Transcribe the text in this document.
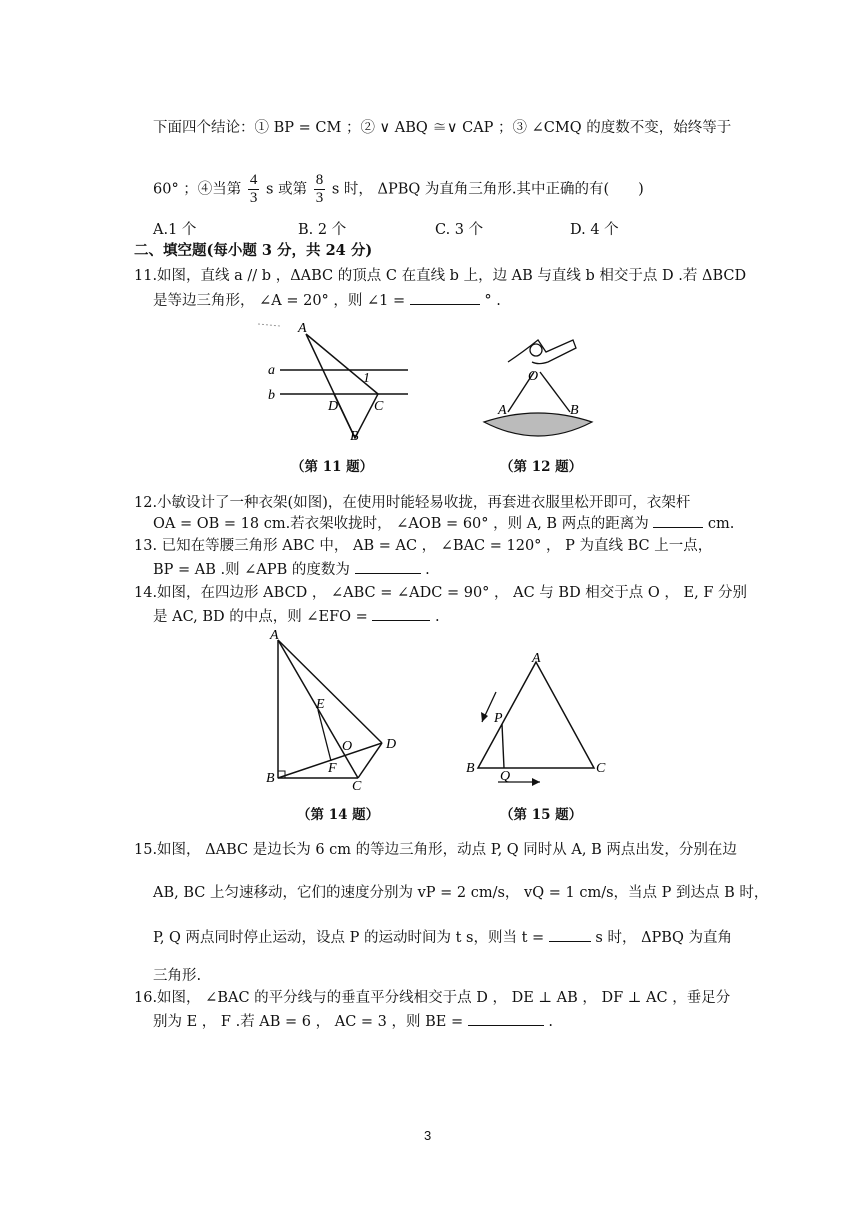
下面四个结论：① BP = CM ；② ∨ ABQ ≅∨ CAP ；③ ∠CMQ 的度数不变，始终等于
60° ；④当第 $\frac{4}{3}$ s 或第 $\frac{8}{3}$ s 时， ΔPBQ 为直角三角形.其中正确的有(　　)
A.1 个	B. 2 个	C. 3 个	D. 4 个
二、填空题(每小题 3 分，共 24 分)
11.如图，直线 a // b ，ΔABC 的顶点 C 在直线 b 上，边 AB 与直线 b 相交于点 D .若 ΔBCD
是等边三角形， ∠A = 20° ，则 ∠1 =	° .
A
a
b
1
D	C
B
（第 11 题）
O
A	B
（第 12 题）
12.小敏设计了一种衣架(如图)，在使用时能轻易收拢，再套进衣服里松开即可，衣架杆
OA = OB = 18 cm.若衣架收拢时， ∠AOB = 60° ，则 A, B 两点的距离为	cm.
13. 已知在等腰三角形 ABC 中， AB = AC ， ∠BAC = 120° ， P 为直线 BC 上一点，
BP = AB .则 ∠APB 的度数为	.
14.如图，在四边形 ABCD ， ∠ABC = ∠ADC = 90° ， AC 与 BD 相交于点 O ， E, F 分别
是 AC, BD 的中点，则 ∠EFO =	.
A
E
O D
F
B
C
（第 14 题）
A
P
B
Q
C
（第 15 题）
15.如图， ΔABC 是边长为 6 cm 的等边三角形，动点 P, Q 同时从 A, B 两点出发，分别在边
AB, BC 上匀速移动，它们的速度分别为 vP = 2 cm/s， vQ = 1 cm/s，当点 P 到达点 B 时，
P, Q 两点同时停止运动，设点 P 的运动时间为 t s，则当 t =	s 时， ΔPBQ 为直角
三角形.
16.如图， ∠BAC 的平分线与的垂直平分线相交于点 D ， DE ⊥ AB ， DF ⊥ AC ，垂足分
别为 E ， F .若 AB = 6 ， AC = 3 ，则 BE =	.
3
